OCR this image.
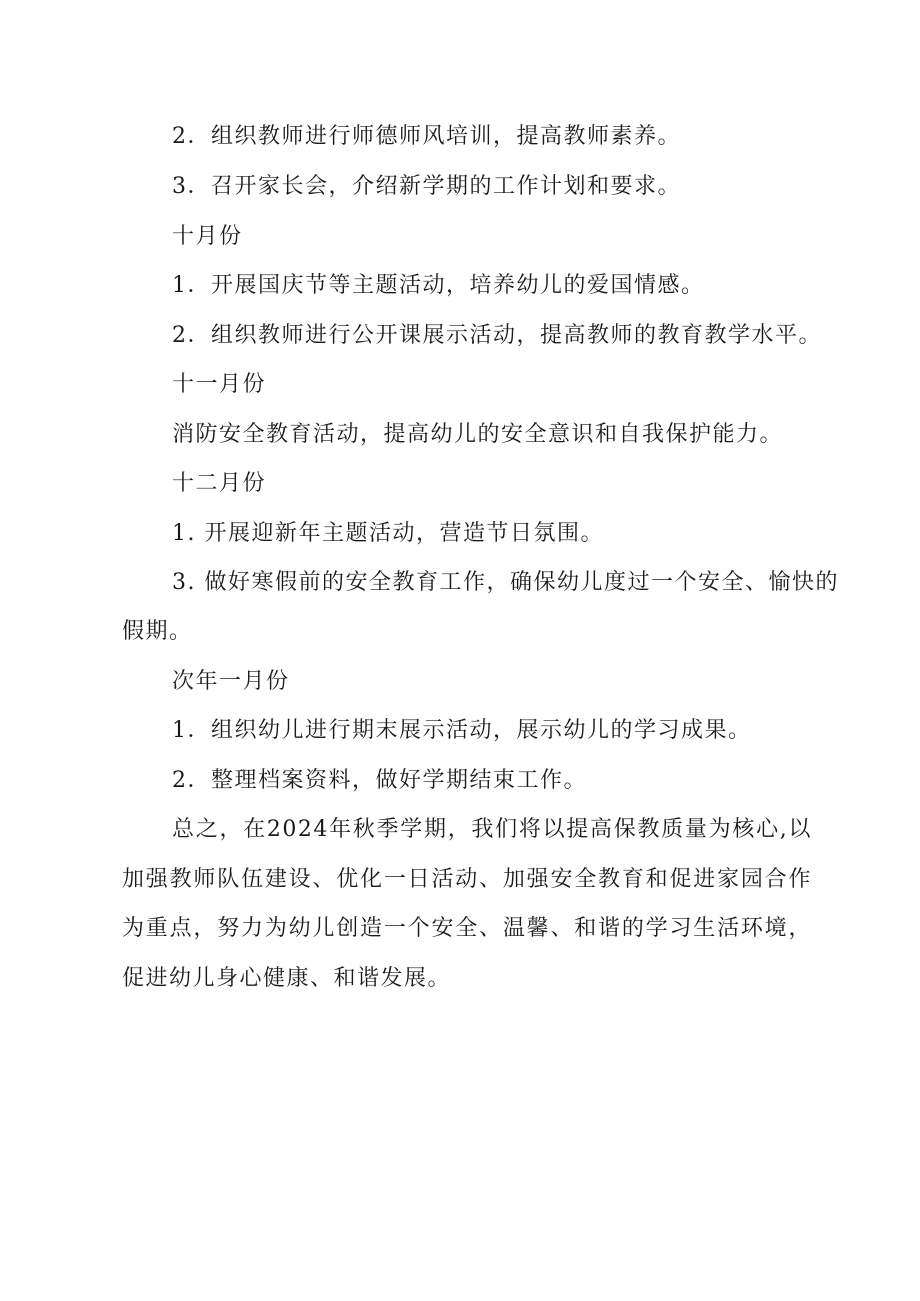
2．组织教师进行师德师风培训，提高教师素养。
3．召开家长会，介绍新学期的工作计划和要求。
十月份
1．开展国庆节等主题活动，培养幼儿的爱国情感。
2．组织教师进行公开课展示活动，提高教师的教育教学水平。
十一月份
消防安全教育活动，提高幼儿的安全意识和自我保护能力。
十二月份
1. 开展迎新年主题活动，营造节日氛围。
3. 做好寒假前的安全教育工作，确保幼儿度过一个安全、愉快的
假期。
次年一月份
1．组织幼儿进行期末展示活动，展示幼儿的学习成果。
2．整理档案资料，做好学期结束工作。

总之，在2024年秋季学期，我们将以提高保教质量为核心,以加强教师队伍建设、优化一日活动、加强安全教育和促进家园合作为重点，努力为幼儿创造一个安全、温馨、和谐的学习生活环境，促进幼儿身心健康、和谐发展。
